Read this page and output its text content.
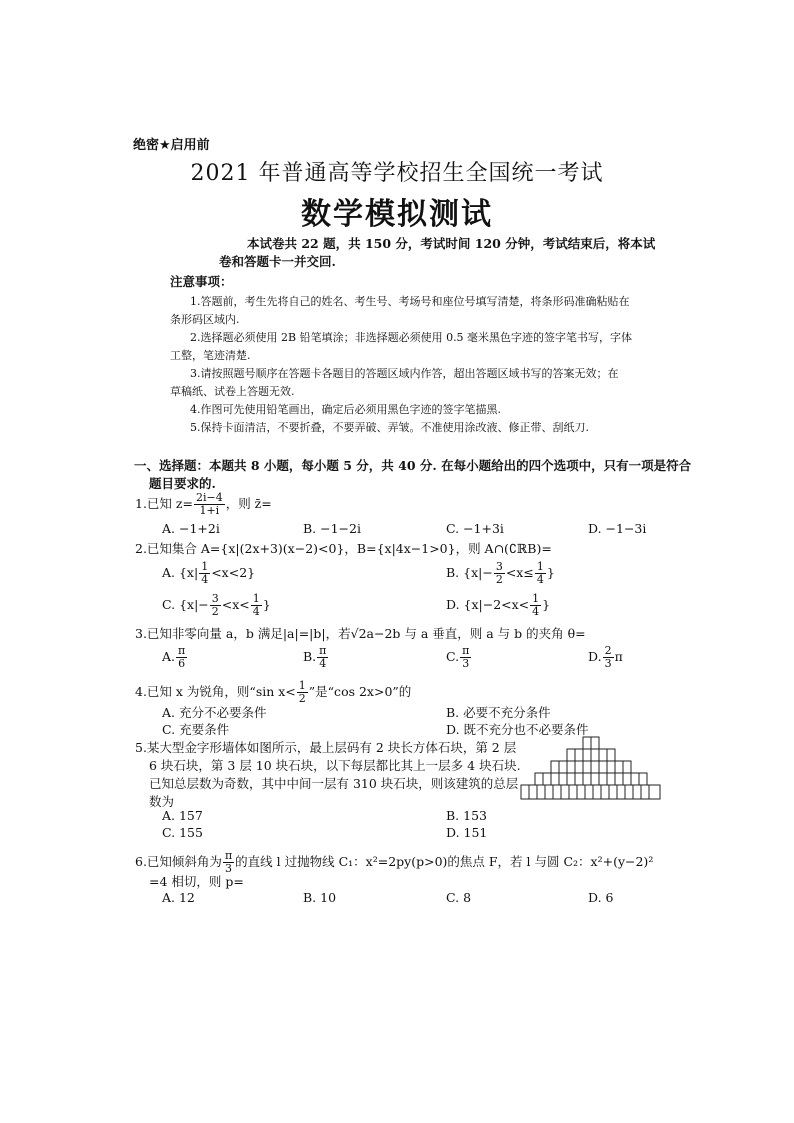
绝密★启用前
2021 年普通高等学校招生全国统一考试
数学模拟测试
本试卷共 22 题，共 150 分，考试时间 120 分钟，考试结束后，将本试
卷和答题卡一并交回.
注意事项：
1.答题前，考生先将自己的姓名、考生号、考场号和座位号填写清楚，将条形码准确粘贴在
条形码区域内.
2.选择题必须使用 2B 铅笔填涂；非选择题必须使用 0.5 毫米黑色字迹的签字笔书写，字体
工整，笔迹清楚.
3.请按照题号顺序在答题卡各题目的答题区域内作答，超出答题区域书写的答案无效；在
草稿纸、试卷上答题无效.
4.作图可先使用铅笔画出，确定后必须用黑色字迹的签字笔描黑.
5.保持卡面清洁，不要折叠，不要弄破、弄皱。不准使用涂改液、修正带、刮纸刀.
一、选择题：本题共 8 小题，每小题 5 分，共 40 分. 在每小题给出的四个选项中，只有一项是符合
题目要求的.
1.已知 $z= \frac{2i-4}{1+i}$ ，则 z̄=
A. −1+2i	B. −1−2i	C. −1+3i	D. −1−3i
2.已知集合 A={x|(2x+3)(x−2)<0}，B={x|4x−1>0}，则 A∩(∁ℝB)=
A. $\{x| \frac{1}{4} <x<2\}$	B. {$x|- \frac{3}{2} <x\le \frac{1}{4}$ }
C. {$x|- \frac{3}{2} <x< \frac{1}{4}$ }	D. {$x|-2<x< \frac{1}{4}$ }
3.已知非零向量 a，b 满足|a|=|b|，若√2a−2b 与 a 垂直，则 a 与 b 的夹角 θ=
A. $\frac{\pi}{6}$	B. $\frac{\pi}{4}$	C. $\frac{\pi}{3}$	D. $\frac{2}{3}$ π
4.已知 x 为锐角，则“sin $x< \frac{1}{2}$ ”是“cos 2x>0”的
A. 充分不必要条件	B. 必要不充分条件
C. 充要条件	D. 既不充分也不必要条件
5.某大型金字形墙体如图所示，最上层码有 2 块长方体石块，第 2 层
6 块石块，第 3 层 10 块石块，以下每层都比其上一层多 4 块石块.
已知总层数为奇数，其中中间一层有 310 块石块，则该建筑的总层
数为
A. 157	B. 153
C. 155	D. 151
6.已知倾斜角为 $\frac{\pi}{3}$ 的直线 l 过抛物线 C₁：x²=2py(p>0)的焦点 F，若 l 与圆 C₂：x²+(y−2)²
=4 相切，则 p=
A. 12	B. 10	C. 8	D. 6
